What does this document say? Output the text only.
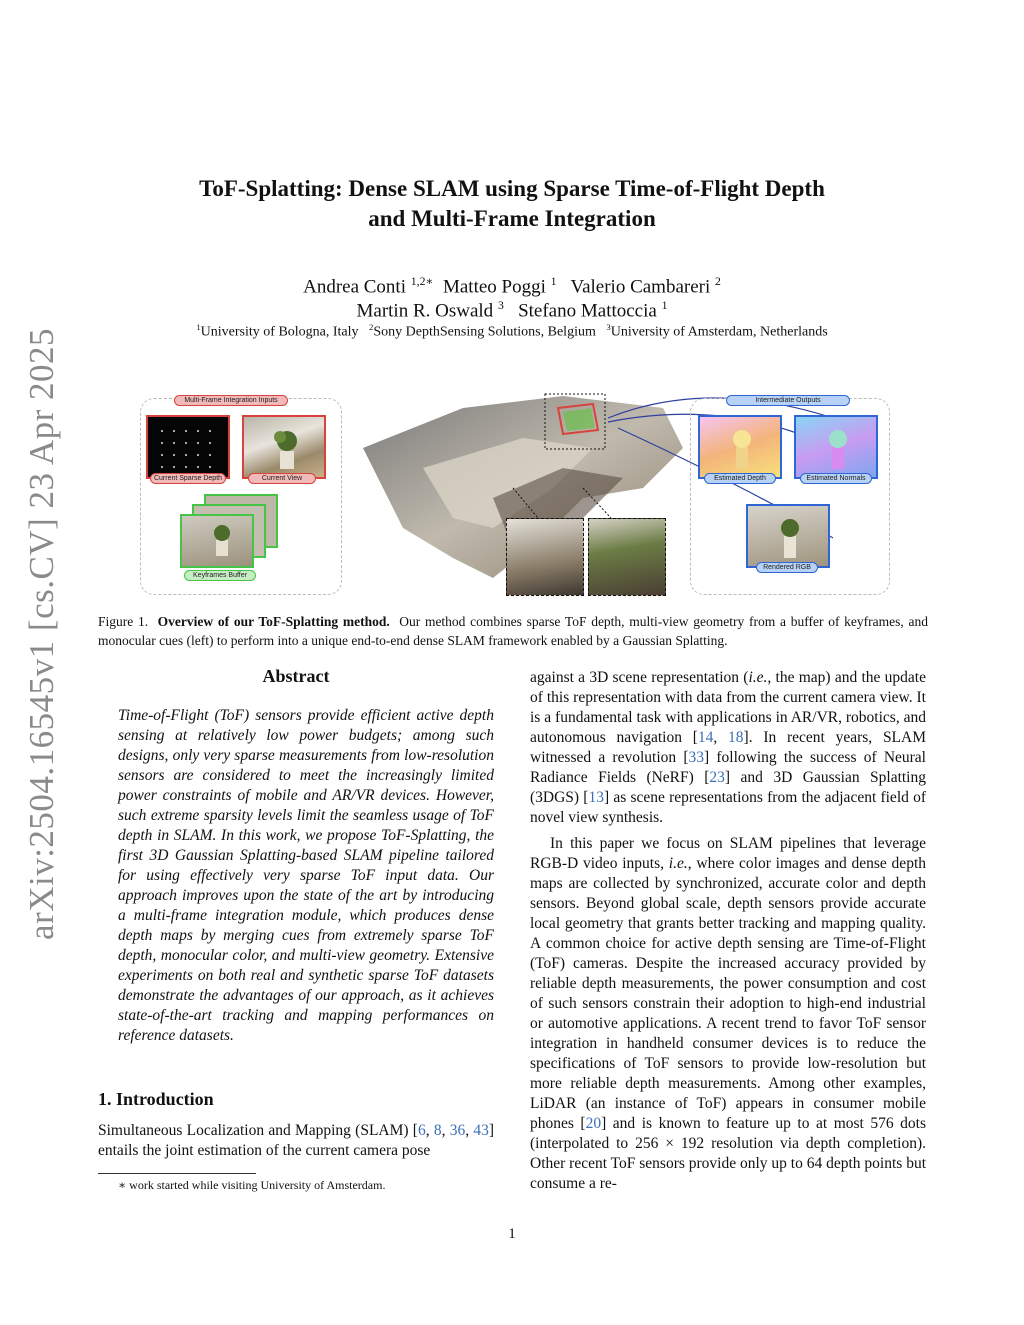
arXiv:2504.16545v1 [cs.CV] 23 Apr 2025
ToF-Splatting: Dense SLAM using Sparse Time-of-Flight Depth
and Multi-Frame Integration
Andrea Conti $^{1,2∗}$ Matteo Poggi $^1$ Valerio Cambareri $^2$
Martin R. Oswald $^3$ Stefano Mattoccia $^1$
$^1$University of Bologna, Italy $^2$Sony DepthSensing Solutions, Belgium $^3$University of Amsterdam, Netherlands
Multi-Frame Integration Inputs
Current Sparse Depth	Current View
Keyframes Buffer
Intermediate Outputs
Estimated Depth	Estimated Normals
Rendered RGB
Figure 1. Overview of our ToF-Splatting method. Our method combines sparse ToF depth, multi-view geometry from a buffer of keyframes, and monocular cues (left) to perform into a unique end-to-end dense SLAM framework enabled by a Gaussian Splatting.
Abstract

Time-of-Flight (ToF) sensors provide efficient active depth sensing at relatively low power budgets; among such designs, only very sparse measurements from low-resolution sensors are considered to meet the increasingly limited power constraints of mobile and AR/VR devices. However, such extreme sparsity levels limit the seamless usage of ToF depth in SLAM. In this work, we propose ToF-Splatting, the first 3D Gaussian Splatting-based SLAM pipeline tailored for using effectively very sparse ToF input data. Our approach improves upon the state of the art by introducing a multi-frame integration module, which produces dense depth maps by merging cues from extremely sparse ToF depth, monocular color, and multi-view geometry. Extensive experiments on both real and synthetic sparse ToF datasets demonstrate the advantages of our approach, as it achieves state-of-the-art tracking and mapping performances on reference datasets.

1. Introduction

Simultaneous Localization and Mapping (SLAM) [6, 8, 36, 43] entails the joint estimation of the current camera pose

∗ work started while visiting University of Amsterdam.

against a 3D scene representation (i.e., the map) and the update of this representation with data from the current camera view. It is a fundamental task with applications in AR/VR, robotics, and autonomous navigation [14, 18]. In recent years, SLAM witnessed a revolution [33] following the success of Neural Radiance Fields (NeRF) [23] and 3D Gaussian Splatting (3DGS) [13] as scene representations from the adjacent field of novel view synthesis.

In this paper we focus on SLAM pipelines that leverage RGB-D video inputs, i.e., where color images and dense depth maps are collected by synchronized, accurate color and depth sensors. Beyond global scale, depth sensors provide accurate local geometry that grants better tracking and mapping quality. A common choice for active depth sensing are Time-of-Flight (ToF) cameras. Despite the increased accuracy provided by reliable depth measurements, the power consumption and cost of such sensors constrain their adoption to high-end industrial or automotive applications. A recent trend to favor ToF sensor integration in handheld consumer devices is to reduce the specifications of ToF sensors to provide low-resolution but more reliable depth measurements. Among other examples, LiDAR (an instance of ToF) appears in consumer mobile phones [20] and is known to feature up to at most 576 dots (interpolated to 256 × 192 resolution via depth completion). Other recent ToF sensors provide only up to 64 depth points but consume a re-

1
